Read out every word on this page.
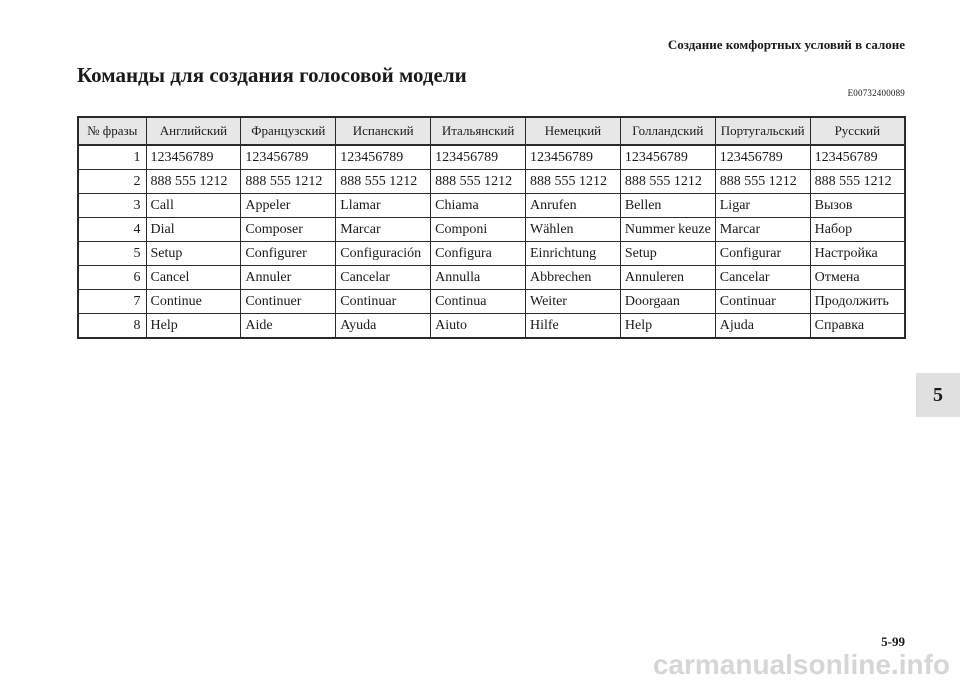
Создание комфортных условий в салоне
Команды для создания голосовой модели
E00732400089
№ фразы	Английский	Французский	Испанский	Итальянский	Немецкий	Голландский	Португальский	Русский
1	123456789	123456789	123456789	123456789	123456789	123456789	123456789	123456789
2	888 555 1212	888 555 1212	888 555 1212	888 555 1212	888 555 1212	888 555 1212	888 555 1212	888 555 1212
3	Call	Appeler	Llamar	Chiama	Anrufen	Bellen	Ligar	Вызов
4	Dial	Composer	Marcar	Componi	Wählen	Nummer keuze	Marcar	Набор
5	Setup	Configurer	Configuración	Configura	Einrichtung	Setup	Configurar	Настройка
6	Cancel	Annuler	Cancelar	Annulla	Abbrechen	Annuleren	Cancelar	Отмена
7	Continue	Continuer	Continuar	Continua	Weiter	Doorgaan	Continuar	Продолжить
8	Help	Aide	Ayuda	Aiuto	Hilfe	Help	Ajuda	Справка
5
5-99
carmanualsonline.info
